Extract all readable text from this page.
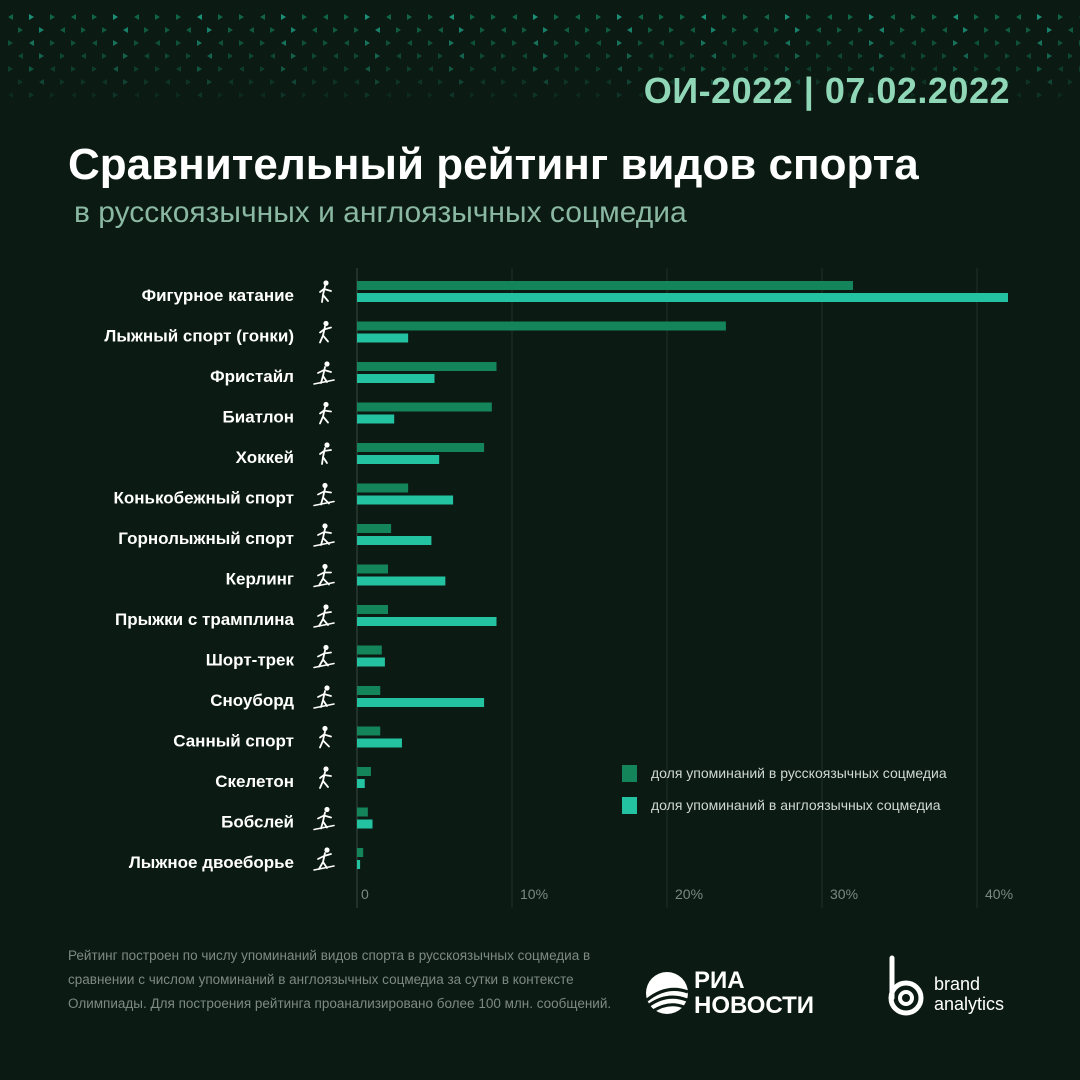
ОИ-2022 | 07.02.2022
Сравнительный рейтинг видов спорта
в русскоязычных и англоязычных соцмедиа
0	10%	20%	30%	40%
Фигурное катание
Лыжный спорт (гонки)
Фристайл
Биатлон
Хоккей
Конькобежный спорт
Горнолыжный спорт
Керлинг
Прыжки с трамплина
Шорт-трек
Сноуборд
Санный спорт
Скелетон
Бобслей
Лыжное двоеборье
доля упоминаний в русскоязычных соцмедиа
доля упоминаний в англоязычных соцмедиа
Рейтинг построен по числу упоминаний видов спорта в русскоязычных соцмедиа в сравнении с числом упоминаний в англоязычных соцмедиа за сутки в контексте Олимпиады. Для построения рейтинга проанализировано более 100 млн. сообщений.
РИА
НОВОСТИ
brand
analytics
